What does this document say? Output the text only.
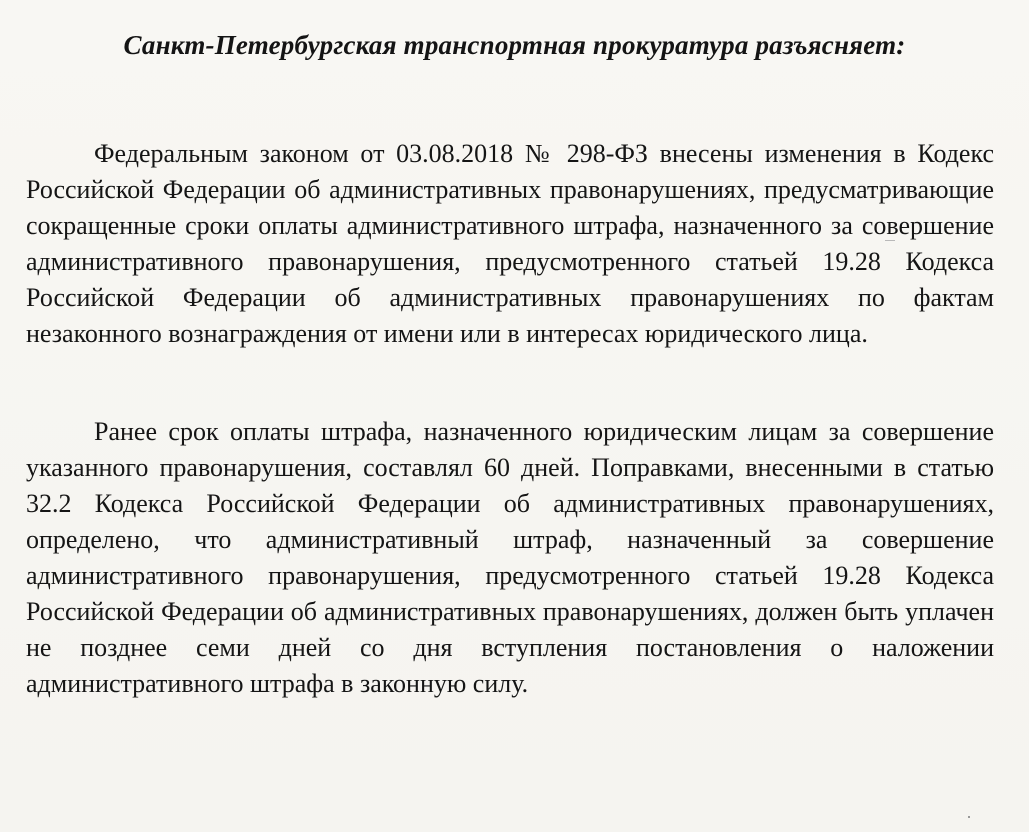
Санкт-Петербургская транспортная прокуратура разъясняет:

Федеральным законом от 03.08.2018 № 298-ФЗ внесены изменения в Кодекс Российской Федерации об административных правонарушениях, предусматривающие сокращенные сроки оплаты административного штрафа, назначенного за совершение административного правонарушения, предусмотренного статьей 19.28 Кодекса Российской Федерации об административных правонарушениях по фактам незаконного вознаграждения от имени или в интересах юридического лица.

Ранее срок оплаты штрафа, назначенного юридическим лицам за совершение указанного правонарушения, составлял 60 дней. Поправками, внесенными в статью 32.2 Кодекса Российской Федерации об административных правонарушениях, определено, что административный штраф, назначенный за совершение административного правонарушения, предусмотренного статьей 19.28 Кодекса Российской Федерации об административных правонарушениях, должен быть уплачен не позднее семи дней со дня вступления постановления о наложении административного штрафа в законную силу.
